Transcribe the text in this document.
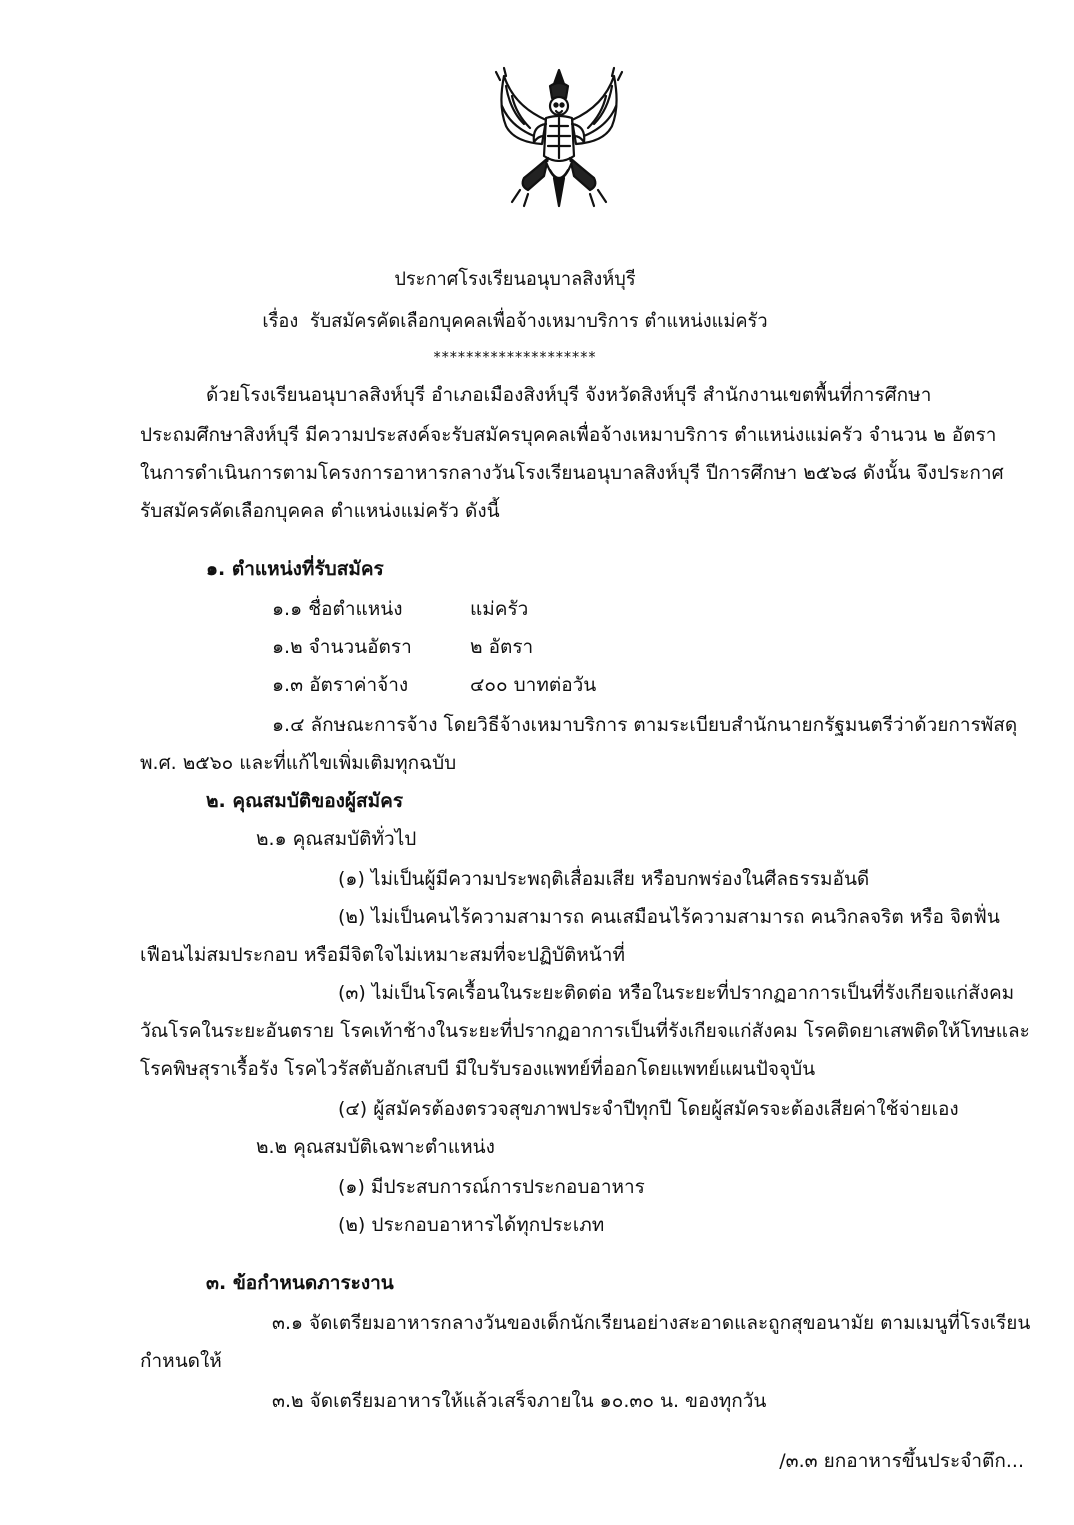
ประกาศโรงเรียนอนุบาลสิงห์บุรี
เรื่อง รับสมัครคัดเลือกบุคคลเพื่อจ้างเหมาบริการ ตำแหน่งแม่ครัว
********************
ด้วยโรงเรียนอนุบาลสิงห์บุรี อำเภอเมืองสิงห์บุรี จังหวัดสิงห์บุรี สำนักงานเขตพื้นที่การศึกษา
ประถมศึกษาสิงห์บุรี มีความประสงค์จะรับสมัครบุคคลเพื่อจ้างเหมาบริการ ตำแหน่งแม่ครัว จำนวน ๒ อัตรา
ในการดำเนินการตามโครงการอาหารกลางวันโรงเรียนอนุบาลสิงห์บุรี ปีการศึกษา ๒๕๖๘ ดังนั้น จึงประกาศ
รับสมัครคัดเลือกบุคคล ตำแหน่งแม่ครัว ดังนี้
๑. ตำแหน่งที่รับสมัคร
๑.๑ ชื่อตำแหน่ง	แม่ครัว
๑.๒ จำนวนอัตรา	๒ อัตรา
๑.๓ อัตราค่าจ้าง	๔๐๐ บาทต่อวัน
๑.๔ ลักษณะการจ้าง โดยวิธีจ้างเหมาบริการ ตามระเบียบสำนักนายกรัฐมนตรีว่าด้วยการพัสดุ
พ.ศ. ๒๕๖๐ และที่แก้ไขเพิ่มเติมทุกฉบับ
๒. คุณสมบัติของผู้สมัคร
๒.๑ คุณสมบัติทั่วไป
(๑) ไม่เป็นผู้มีความประพฤติเสื่อมเสีย หรือบกพร่องในศีลธรรมอันดี
(๒) ไม่เป็นคนไร้ความสามารถ คนเสมือนไร้ความสามารถ คนวิกลจริต หรือ จิตฟั่น
เฟือนไม่สมประกอบ หรือมีจิตใจไม่เหมาะสมที่จะปฏิบัติหน้าที่
(๓) ไม่เป็นโรคเรื้อนในระยะติดต่อ หรือในระยะที่ปรากฏอาการเป็นที่รังเกียจแก่สังคม
วัณโรคในระยะอันตราย โรคเท้าช้างในระยะที่ปรากฏอาการเป็นที่รังเกียจแก่สังคม โรคติดยาเสพติดให้โทษและ
โรคพิษสุราเรื้อรัง โรคไวรัสตับอักเสบบี มีใบรับรองแพทย์ที่ออกโดยแพทย์แผนปัจจุบัน
(๔) ผู้สมัครต้องตรวจสุขภาพประจำปีทุกปี โดยผู้สมัครจะต้องเสียค่าใช้จ่ายเอง
๒.๒ คุณสมบัติเฉพาะตำแหน่ง
(๑) มีประสบการณ์การประกอบอาหาร
(๒) ประกอบอาหารได้ทุกประเภท
๓. ข้อกำหนดภาระงาน
๓.๑ จัดเตรียมอาหารกลางวันของเด็กนักเรียนอย่างสะอาดและถูกสุขอนามัย ตามเมนูที่โรงเรียน
กำหนดให้
๓.๒ จัดเตรียมอาหารให้แล้วเสร็จภายใน ๑๐.๓๐ น. ของทุกวัน
/๓.๓ ยกอาหารขึ้นประจำตึก...
